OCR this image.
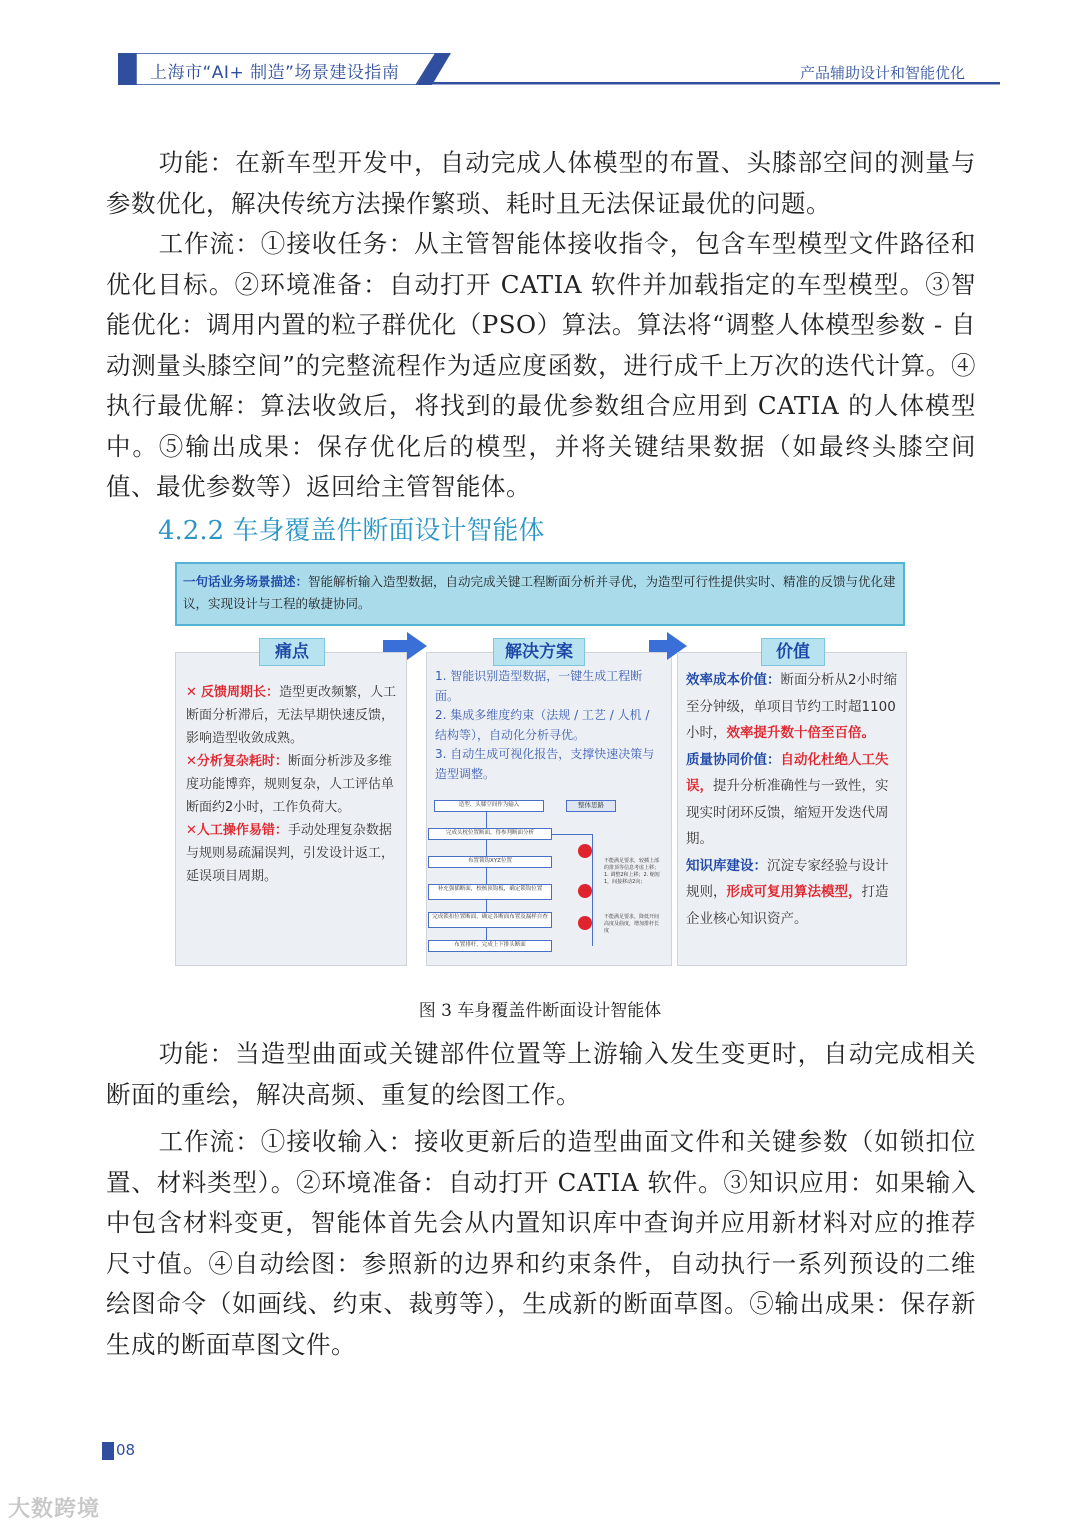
上海市“AI+ 制造”场景建设指南	产品辅助设计和智能优化
功能：在新车型开发中，自动完成人体模型的布置、头膝部空间的测量与参数优化，解决传统方法操作繁琐、耗时且无法保证最优的问题。
工作流：①接收任务：从主管智能体接收指令，包含车型模型文件路径和优化目标。②环境准备：自动打开 CATIA 软件并加载指定的车型模型。③智能优化：调用内置的粒子群优化（PSO）算法。算法将“调整人体模型参数 - 自动测量头膝空间”的完整流程作为适应度函数，进行成千上万次的迭代计算。④执行最优解：算法收敛后，将找到的最优参数组合应用到 CATIA 的人体模型中。⑤输出成果：保存优化后的模型，并将关键结果数据（如最终头膝空间值、最优参数等）返回给主管智能体。
4.2.2 车身覆盖件断面设计智能体
一句话业务场景描述：智能解析输入造型数据，自动完成关键工程断面分析并寻优，为造型可行性提供实时、精准的反馈与优化建议，实现设计与工程的敏捷协同。
✕ 反馈周期长：造型更改频繁，人工断面分析滞后，无法早期快速反馈，影响造型收敛成熟。
✕分析复杂耗时：断面分析涉及多维度功能博弈，规则复杂，人工评估单断面约2小时，工作负荷大。
✕人工操作易错：手动处理复杂数据与规则易疏漏误判，引发设计返工，延误项目周期。
痛点
1. 智能识别造型数据，一键生成工程断面。
2. 集成多维度约束（法规 / 工艺 / 人机 / 结构等），自动化分析寻优。
3. 自动生成可视化报告，支撑快速决策与造型调整。
解决方案
造型、头膝空间作为输入	整体思路
完成头枕位置断面，得参判断面分析
布置锁钩XYZ位置
补充强插断面，校核顶钩板，确定锁钩位置
完成锁扣位置断面，确定各断面布置及漏样自查
布置排杆，完成上下排头断面
不能满足要求，较插上部的排顶等信息考虑上移；1. 调整2和上移；2. 缩短1，间接移动2向；
不能满足要求，降低开间高度及曲度，增加排杆长度
效率成本价值：断面分析从2小时缩至分钟级，单项目节约工时超1100小时，效率提升数十倍至百倍。
质量协同价值：自动化杜绝人工失误，提升分析准确性与一致性，实现实时闭环反馈，缩短开发迭代周期。
知识库建设：沉淀专家经验与设计规则，形成可复用算法模型，打造企业核心知识资产。
价值
图 3 车身覆盖件断面设计智能体
功能：当造型曲面或关键部件位置等上游输入发生变更时，自动完成相关断面的重绘，解决高频、重复的绘图工作。
工作流：①接收输入：接收更新后的造型曲面文件和关键参数（如锁扣位置、材料类型）。②环境准备：自动打开 CATIA 软件。③知识应用：如果输入中包含材料变更，智能体首先会从内置知识库中查询并应用新材料对应的推荐尺寸值。④自动绘图：参照新的边界和约束条件，自动执行一系列预设的二维绘图命令（如画线、约束、裁剪等），生成新的断面草图。⑤输出成果：保存新生成的断面草图文件。
08
大数跨境
